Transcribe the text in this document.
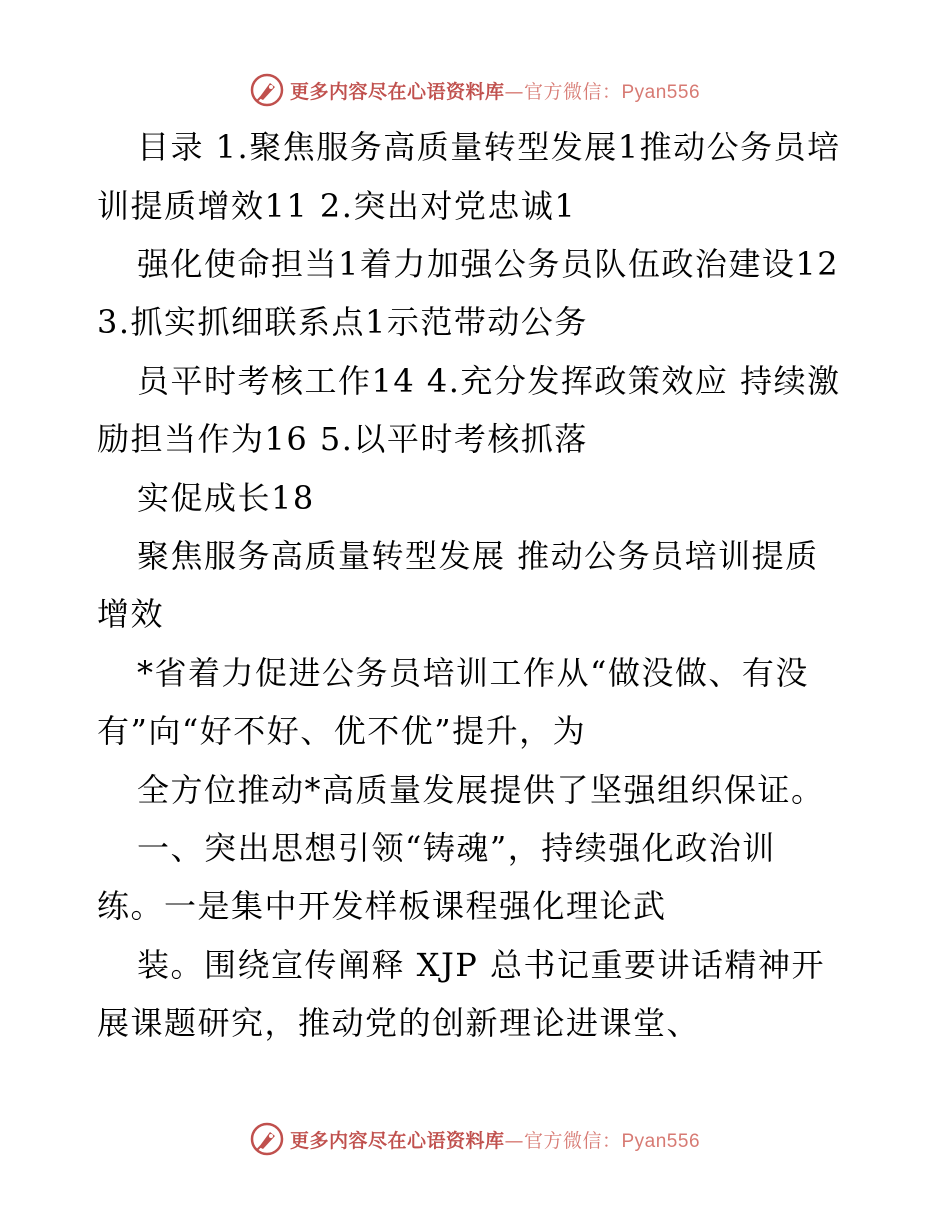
更多内容尽在心语资料库—官方微信：Pyan556
目录 1.聚焦服务高质量转型发展1推动公务员培
训提质增效11 2.突出对党忠诚1
强化使命担当1着力加强公务员队伍政治建设12
3.抓实抓细联系点1示范带动公务
员平时考核工作14 4.充分发挥政策效应 持续激
励担当作为16 5.以平时考核抓落
实促成长18
聚焦服务高质量转型发展 推动公务员培训提质
增效
*省着力促进公务员培训工作从“做没做、有没
有”向“好不好、优不优”提升，为
全方位推动*高质量发展提供了坚强组织保证。
一、突出思想引领“铸魂”，持续强化政治训
练。一是集中开发样板课程强化理论武
装。围绕宣传阐释 XJP 总书记重要讲话精神开
展课题研究，推动党的创新理论进课堂、
更多内容尽在心语资料库—官方微信：Pyan556
